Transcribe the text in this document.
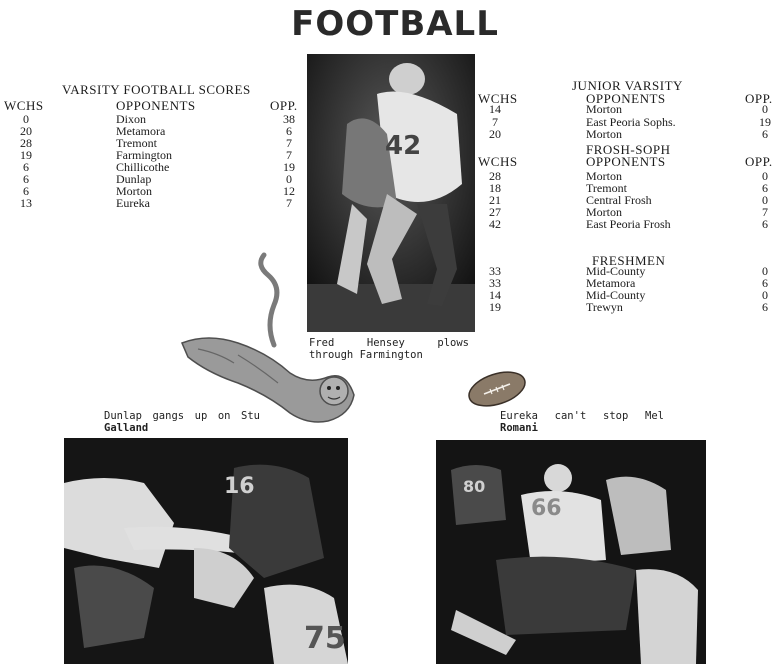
FOOTBALL
VARSITY FOOTBALL SCORES
WCHS	OPPONENTS	OPP.
0	Dixon	38
20	Metamora	6
28	Tremont	7
19	Farmington	7
6	Chillicothe	19
6	Dunlap	0
6	Morton	12
13	Eureka	7
JUNIOR VARSITY
WCHS	OPPONENTS	OPP.
14	Morton	0
7	East Peoria Sophs.	19
20	Morton	6
FROSH-SOPH
WCHS	OPPONENTS	OPP.
28	Morton	0
18	Tremont	6
21	Central Frosh	0
27	Morton	7
42	East Peoria Frosh	6
FRESHMEN
33	Mid-County	0
33	Metamora	6
14	Mid-County	0
19	Trewyn	6
42
Fred Hensey plows
through Farmington
Dunlap gangs up on Stu
Galland
16
75
Eureka can't stop Mel
Romani
80
66
